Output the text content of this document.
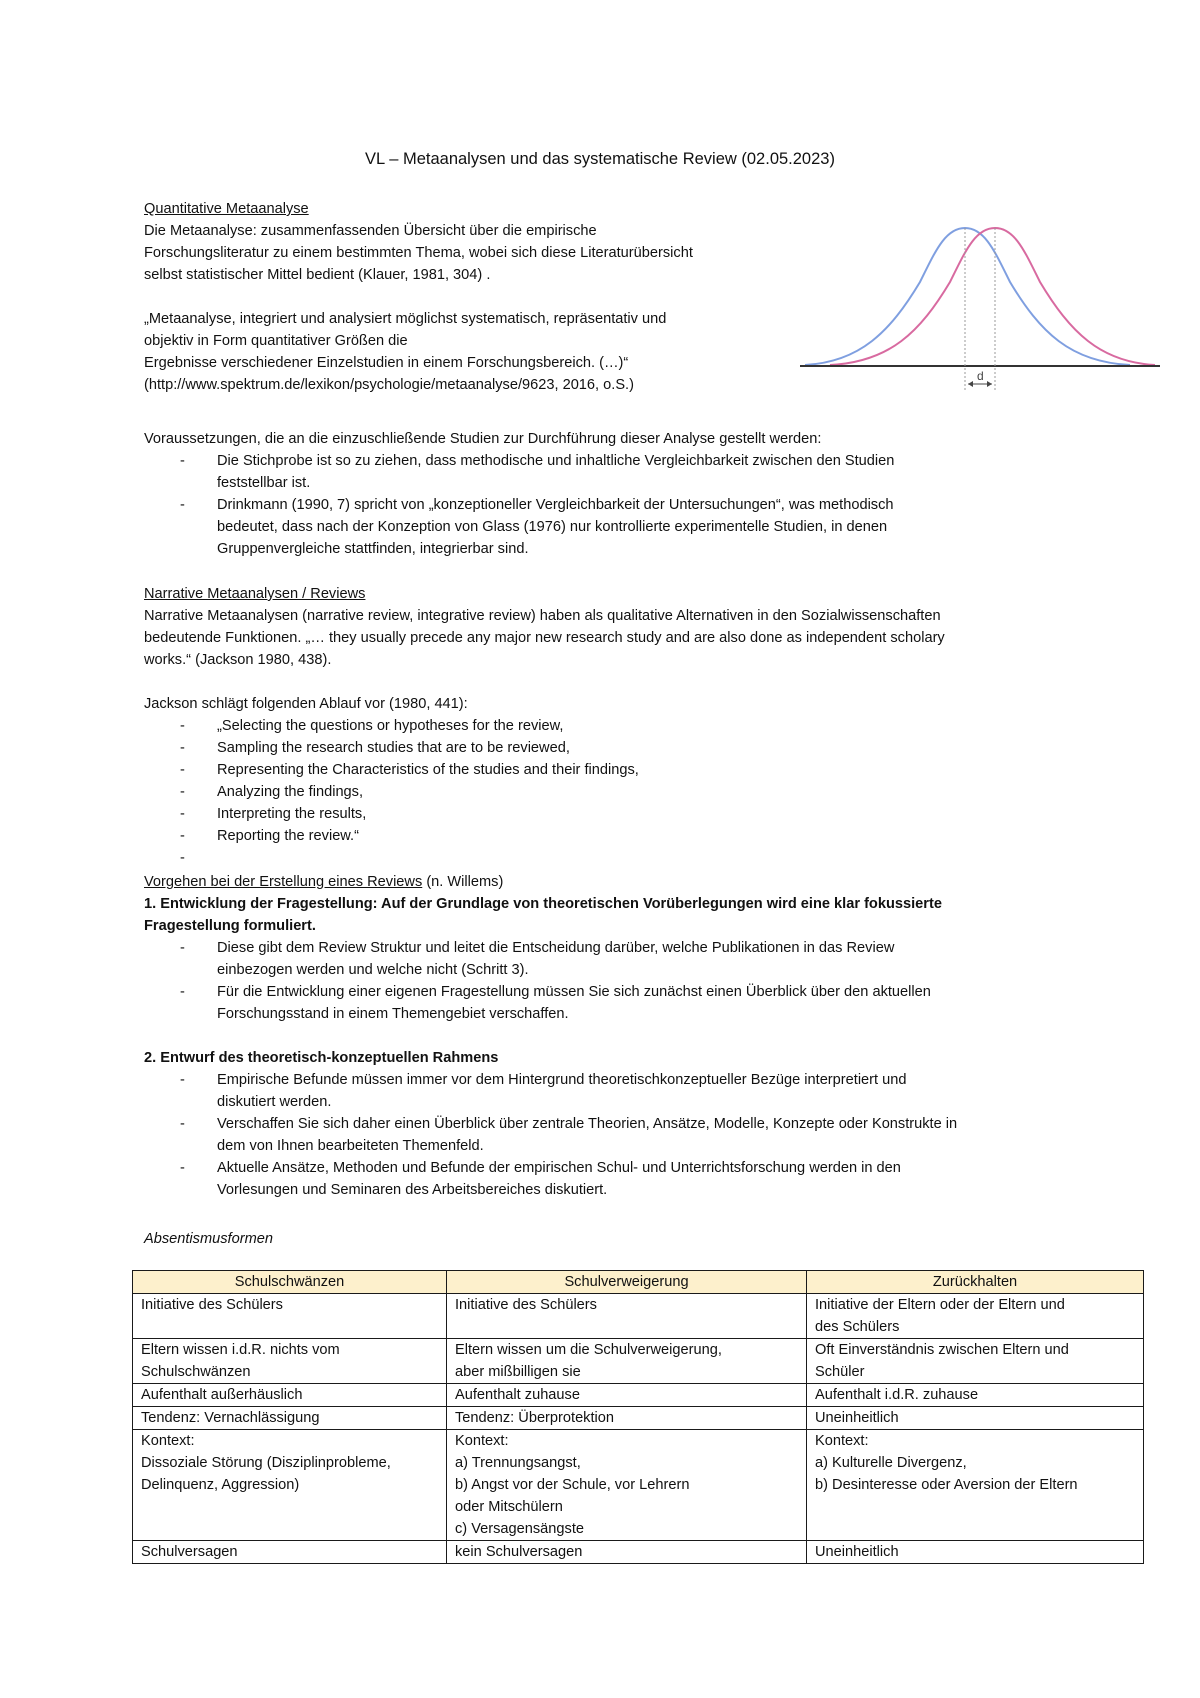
VL – Metaanalysen und das systematische Review (02.05.2023)

Quantitative Metaanalyse

Die Metaanalyse: zusammenfassenden Übersicht über die empirische

Forschungsliteratur zu einem bestimmten Thema, wobei sich diese Literaturübersicht

selbst statistischer Mittel bedient (Klauer, 1981, 304) .

„Metaanalyse, integriert und analysiert möglichst systematisch, repräsentativ und

objektiv in Form quantitativer Größen die

Ergebnisse verschiedener Einzelstudien in einem Forschungsbereich. (…)“

(http://www.spektrum.de/lexikon/psychologie/metaanalyse/9623, 2016, o.S.)

d

Voraussetzungen, die an die einzuschließende Studien zur Durchführung dieser Analyse gestellt werden:

- Die Stichprobe ist so zu ziehen, dass methodische und inhaltliche Vergleichbarkeit zwischen den Studien
feststellbar ist.
- Drinkmann (1990, 7) spricht von „konzeptioneller Vergleichbarkeit der Untersuchungen“, was methodisch
bedeutet, dass nach der Konzeption von Glass (1976) nur kontrollierte experimentelle Studien, in denen
Gruppenvergleiche stattfinden, integrierbar sind.

Narrative Metaanalysen / Reviews

Narrative Metaanalysen (narrative review, integrative review) haben als qualitative Alternativen in den Sozialwissenschaften

bedeutende Funktionen. „… they usually precede any major new research study and are also done as independent scholary

works.“ (Jackson 1980, 438).

Jackson schlägt folgenden Ablauf vor (1980, 441):

- „Selecting the questions or hypotheses for the review,
- Sampling the research studies that are to be reviewed,
- Representing the Characteristics of the studies and their findings,
- Analyzing the findings,
- Interpreting the results,
- Reporting the review.“

Vorgehen bei der Erstellung eines Reviews (n. Willems)

1. Entwicklung der Fragestellung: Auf der Grundlage von theoretischen Vorüberlegungen wird eine klar fokussierte

Fragestellung formuliert.

- Diese gibt dem Review Struktur und leitet die Entscheidung darüber, welche Publikationen in das Review
einbezogen werden und welche nicht (Schritt 3).
- Für die Entwicklung einer eigenen Fragestellung müssen Sie sich zunächst einen Überblick über den aktuellen
Forschungsstand in einem Themengebiet verschaffen.

2. Entwurf des theoretisch-konzeptuellen Rahmens

- Empirische Befunde müssen immer vor dem Hintergrund theoretischkonzeptueller Bezüge interpretiert und
diskutiert werden.
- Verschaffen Sie sich daher einen Überblick über zentrale Theorien, Ansätze, Modelle, Konzepte oder Konstrukte in
dem von Ihnen bearbeiteten Themenfeld.
- Aktuelle Ansätze, Methoden und Befunde der empirischen Schul- und Unterrichtsforschung werden in den
Vorlesungen und Seminaren des Arbeitsbereiches diskutiert.

Absentismusformen

Schulschwänzen	Schulverweigerung	Zurückhalten

Initiative des Schülers	Initiative des Schülers	Initiative der Eltern oder der Eltern und
des Schülers

Eltern wissen i.d.R. nichts vom
Schulschwänzen	Eltern wissen um die Schulverweigerung,
aber mißbilligen sie	Oft Einverständnis zwischen Eltern und
Schüler

Aufenthalt außerhäuslich	Aufenthalt zuhause	Aufenthalt i.d.R. zuhause

Tendenz: Vernachlässigung	Tendenz: Überprotektion	Uneinheitlich

Kontext:
Dissoziale Störung (Disziplinprobleme,
Delinquenz, Aggression)	Kontext:
a) Trennungsangst,
b) Angst vor der Schule, vor Lehrern
oder Mitschülern
c) Versagensängste	Kontext:
a) Kulturelle Divergenz,
b) Desinteresse oder Aversion der Eltern

Schulversagen	kein Schulversagen	Uneinheitlich
